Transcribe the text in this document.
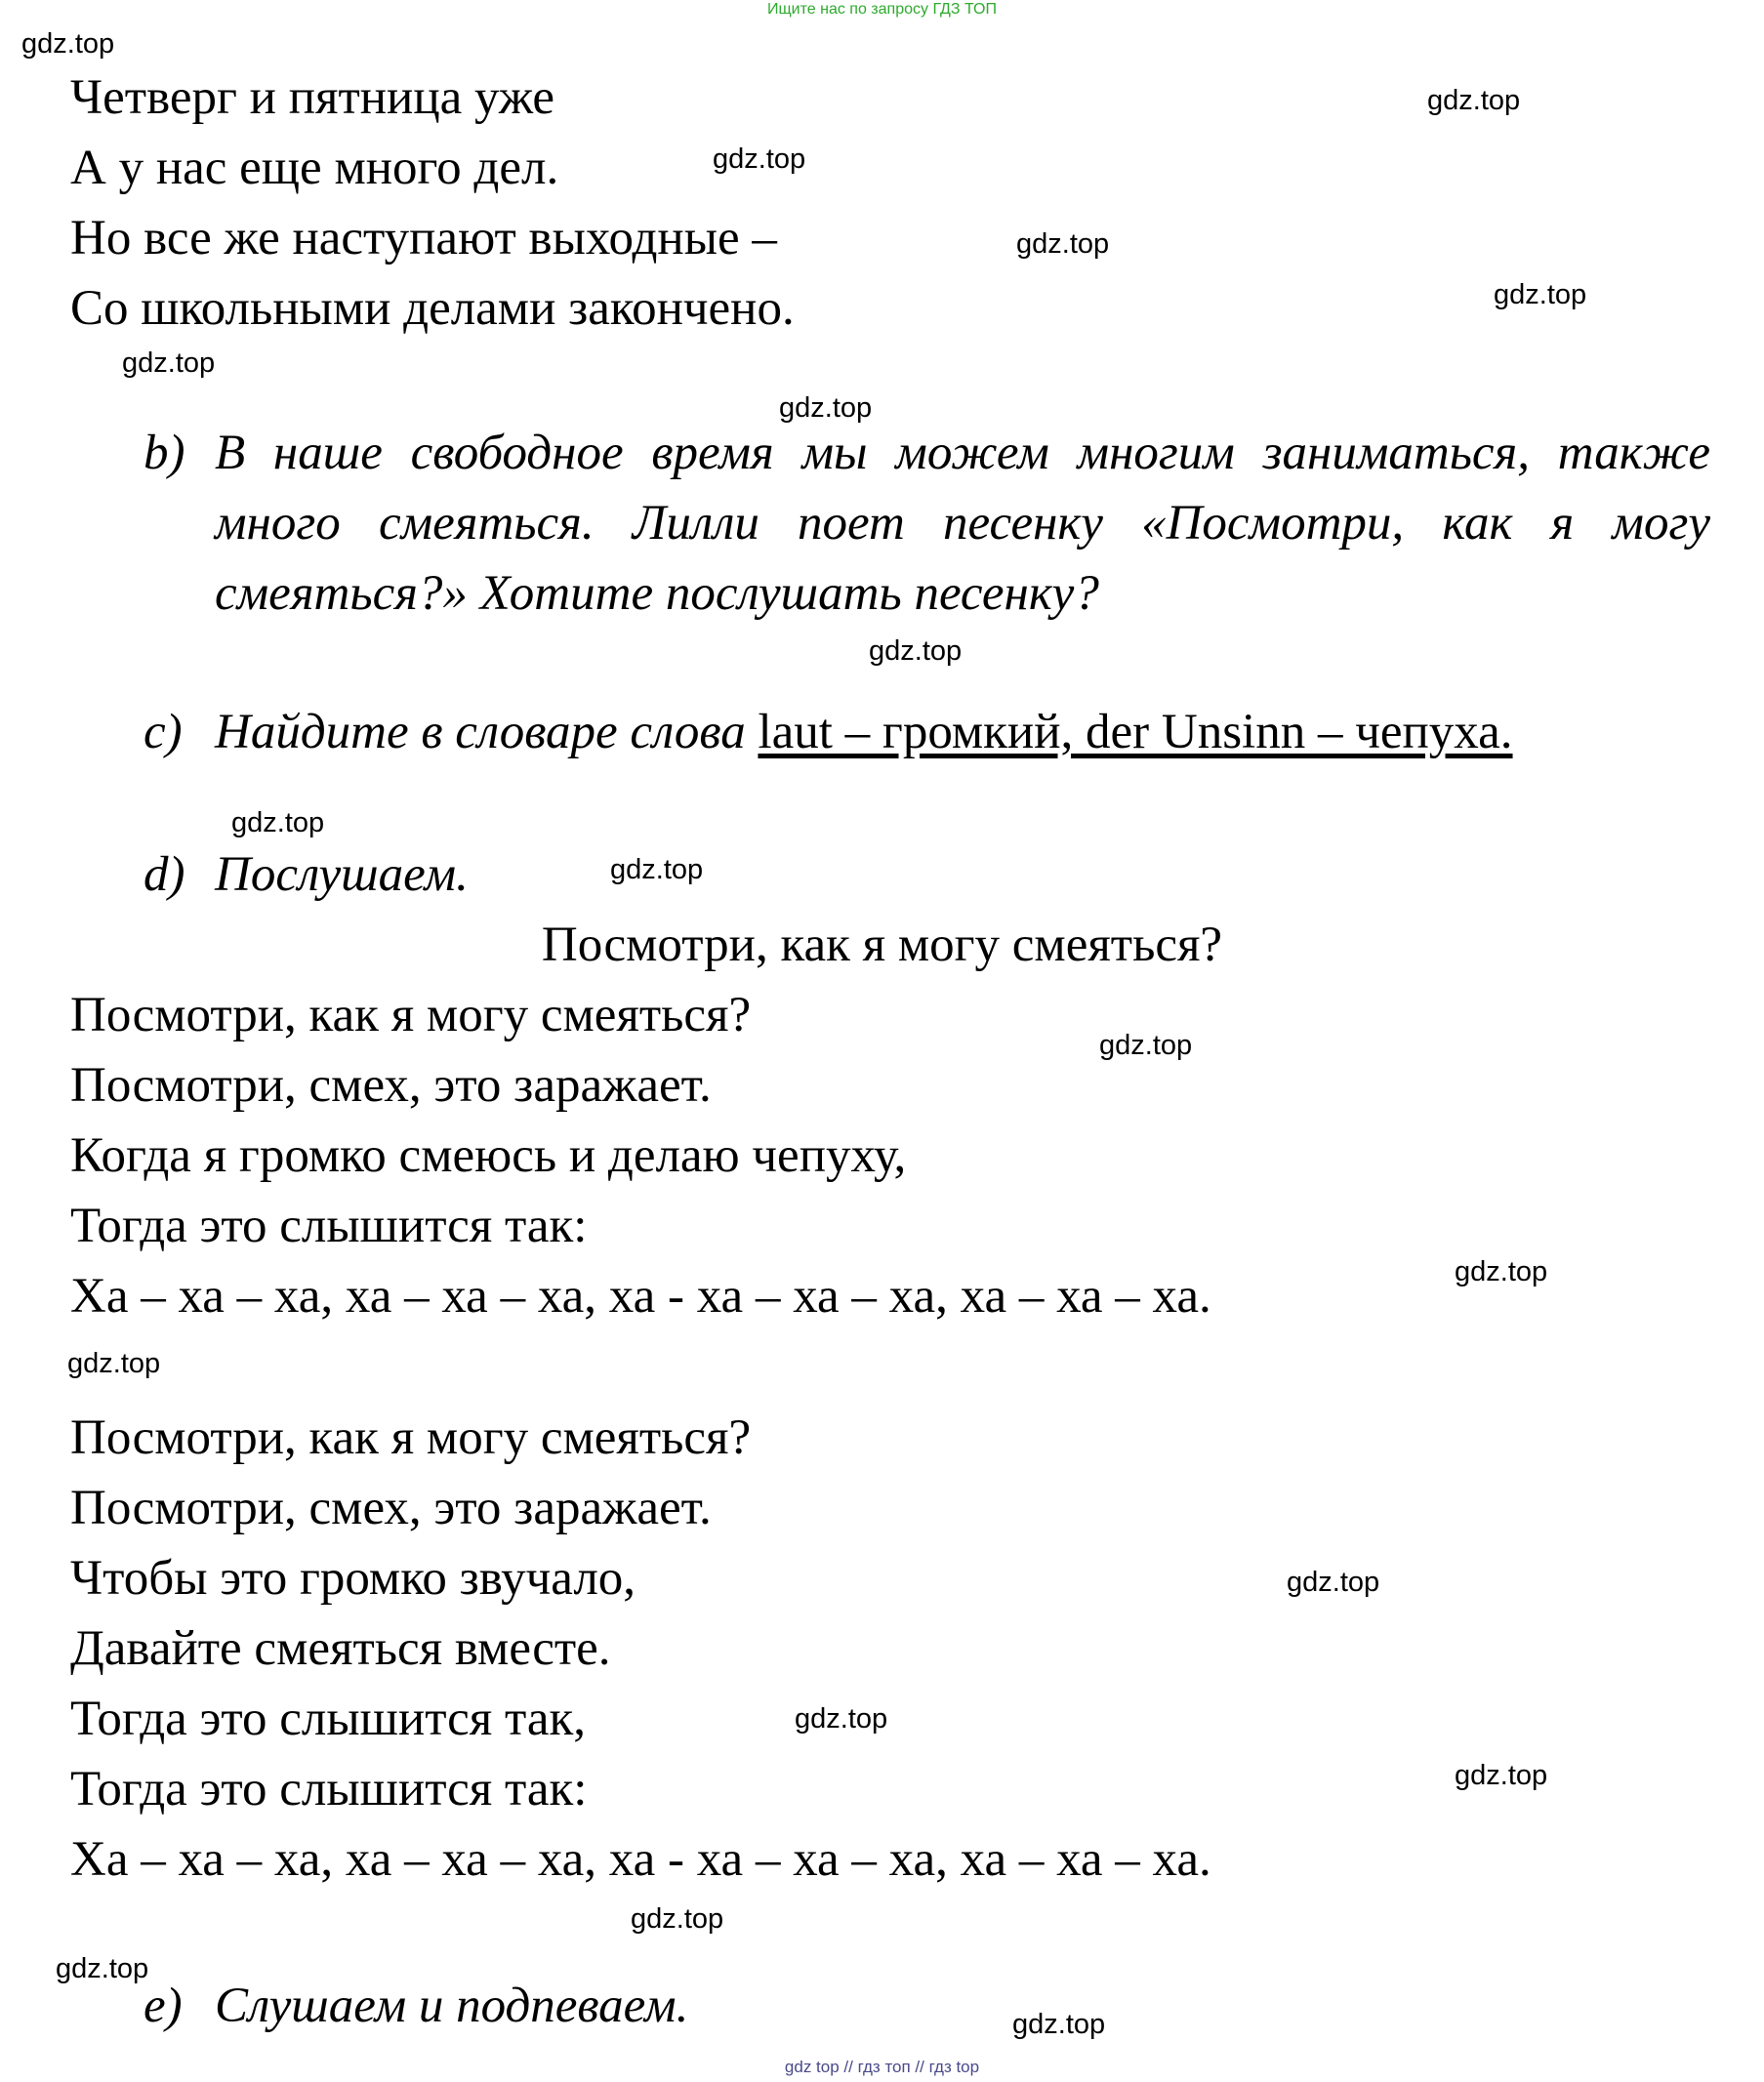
Ищите нас по запросу ГДЗ ТОП
Четверг и пятница уже
А у нас еще много дел.
Но все же наступают выходные –
Со школьными делами закончено.
b) В наше свободное время мы можем многим заниматься, также много смеяться. Лилли поет песенку «Посмотри, как я могу смеяться?» Хотите послушать песенку?
c) Найдите в словаре слова laut – громкий, der Unsinn – чепуха.
d) Послушаем.
Посмотри, как я могу смеяться?
Посмотри, как я могу смеяться?
Посмотри, смех, это заражает.
Когда я громко смеюсь и делаю чепуху,
Тогда это слышится так:
Ха – ха – ха, ха – ха – ха, ха - ха – ха – ха, ха – ха – ха.
Посмотри, как я могу смеяться?
Посмотри, смех, это заражает.
Чтобы это громко звучало,
Давайте смеяться вместе.
Тогда это слышится так,
Тогда это слышится так:
Ха – ха – ха, ха – ха – ха, ха - ха – ха – ха, ха – ха – ха.
e) Слушаем и подпеваем.
gdz.top
gdz.top
gdz.top
gdz.top
gdz.top
gdz.top
gdz.top
gdz.top
gdz.top
gdz.top
gdz.top
gdz.top
gdz.top
gdz.top
gdz.top
gdz.top
gdz.top
gdz.top
gdz.top
gdz top // гдз топ // гдз top
